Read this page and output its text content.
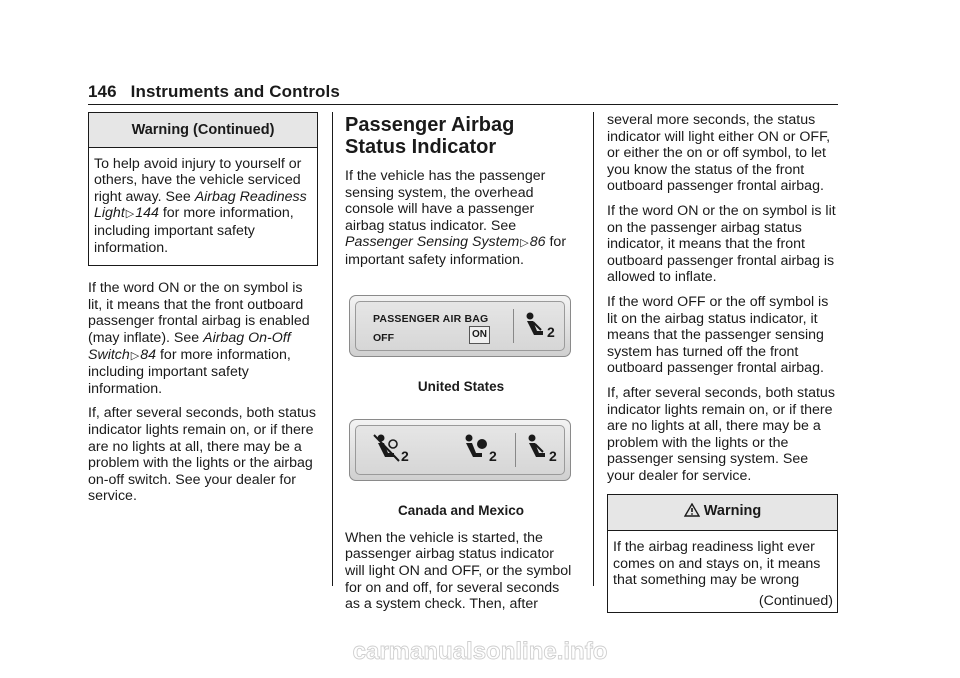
146 Instruments and Controls
Warning (Continued)

To help avoid injury to yourself or others, have the vehicle serviced right away. See Airbag Readiness Light▷144 for more information, including important safety information.

If the word ON or the on symbol is lit, it means that the front outboard passenger frontal airbag is enabled (may inflate). See Airbag On-Off Switch▷84 for more information, including important safety information.

If, after several seconds, both status indicator lights remain on, or if there are no lights at all, there may be a problem with the lights or the airbag on-off switch. See your dealer for service.

Passenger Airbag Status Indicator

If the vehicle has the passenger sensing system, the overhead console will have a passenger airbag status indicator. See Passenger Sensing System▷86 for important safety information.

PASSENGER AIR BAG
OFF	ON	2
United States
2	2	2
Canada and Mexico

When the vehicle is started, the passenger airbag status indicator will light ON and OFF, or the symbol for on and off, for several seconds as a system check. Then, after

several more seconds, the status indicator will light either ON or OFF, or either the on or off symbol, to let you know the status of the front outboard passenger frontal airbag.

If the word ON or the on symbol is lit on the passenger airbag status indicator, it means that the front outboard passenger frontal airbag is allowed to inflate.

If the word OFF or the off symbol is lit on the airbag status indicator, it means that the passenger sensing system has turned off the front outboard passenger frontal airbag.

If, after several seconds, both status indicator lights remain on, or if there are no lights at all, there may be a problem with the lights or the passenger sensing system. See your dealer for service.

Warning

If the airbag readiness light ever comes on and stays on, it means that something may be wrong

(Continued)
carmanualsonline.info
